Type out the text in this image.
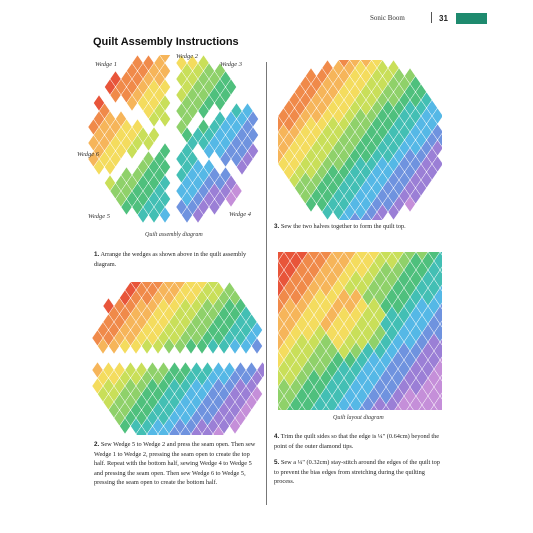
Sonic Boom	31
Quilt Assembly Instructions
Wedge 1
Wedge 2
Wedge 3
Wedge 6
Wedge 5	Wedge 4
Quilt assembly diagram
1. Arrange the wedges as shown above in the quilt assembly diagram.
2. Sew Wedge 5 to Wedge 2 and press the seam open. Then sew Wedge 1 to Wedge 2, pressing the seam open to create the top half. Repeat with the bottom half, sewing Wedge 4 to Wedge 5 and pressing the seam open. Then sew Wedge 6 to Wedge 5, pressing the seam open to create the bottom half.
3. Sew the two halves together to form the quilt top.
Quilt layout diagram
4. Trim the quilt sides so that the edge is ¼" (0.64cm) beyond the point of the outer diamond tips.
5. Sew a ¼" (0.32cm) stay-stitch around the edges of the quilt top to prevent the bias edges from stretching during the quilting process.
